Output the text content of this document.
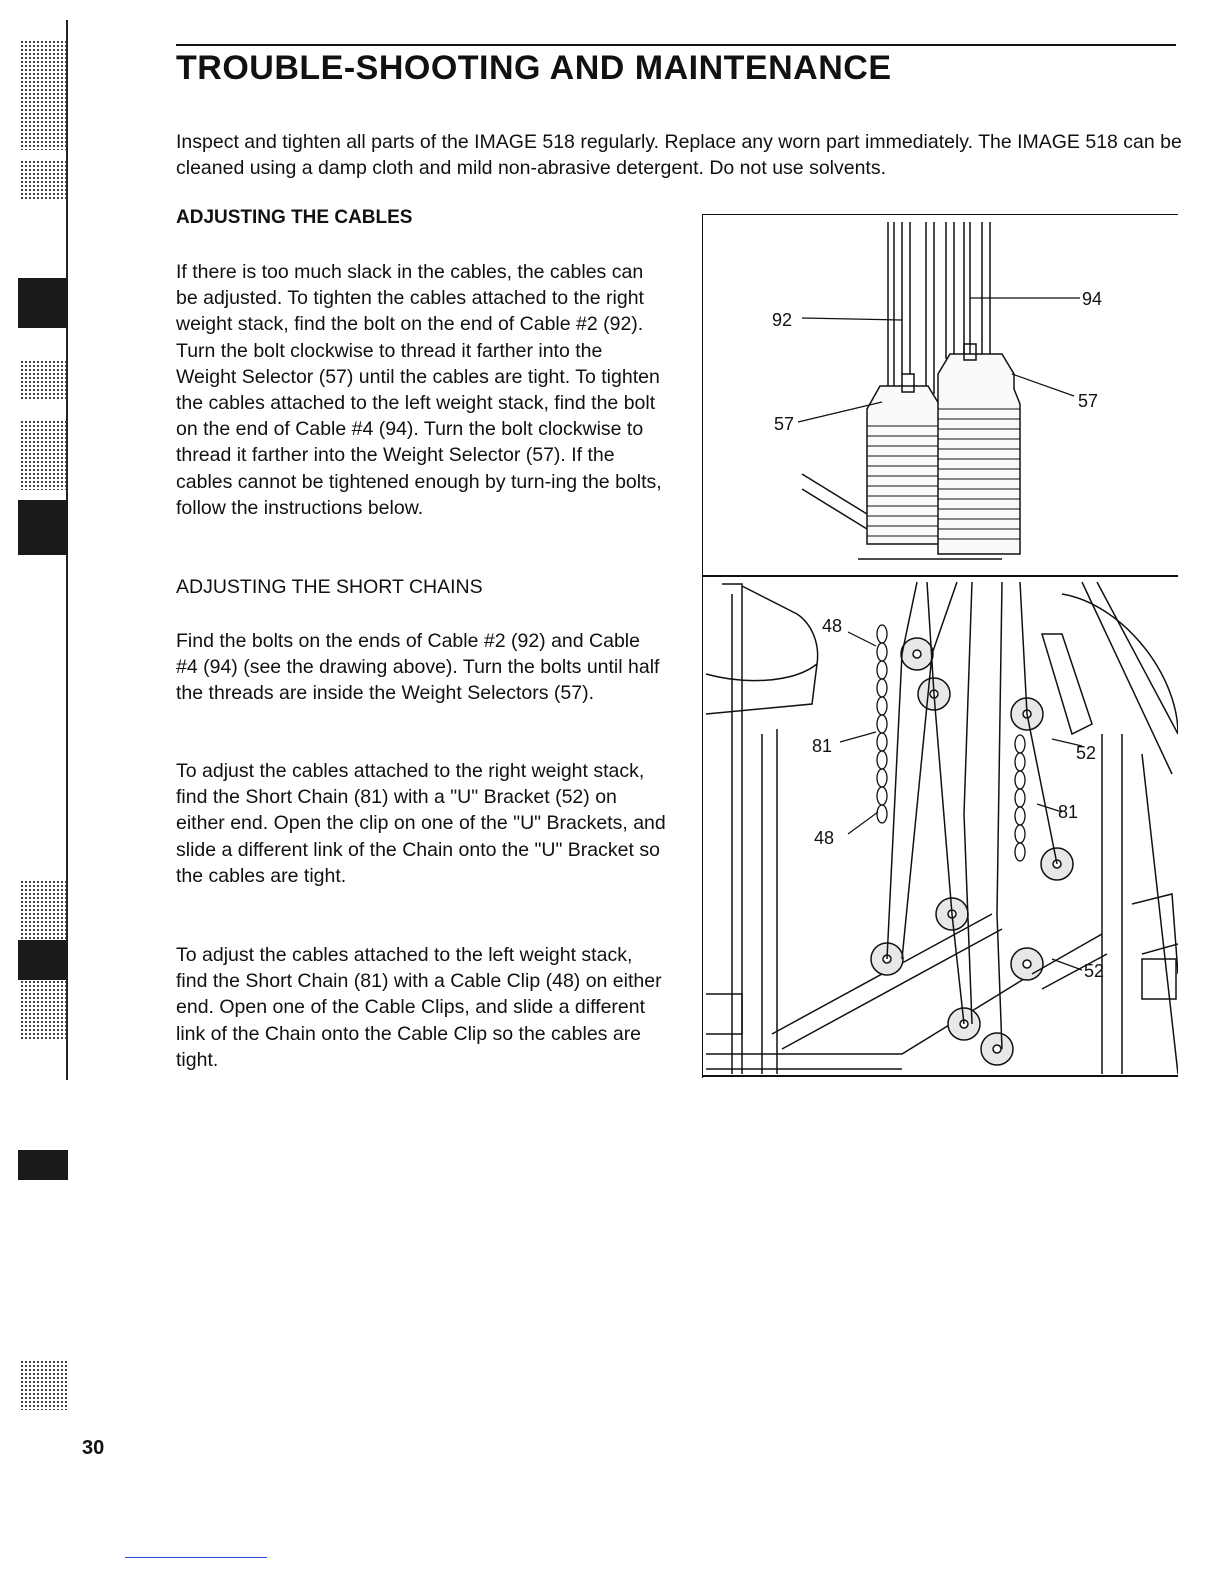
TROUBLE-SHOOTING AND MAINTENANCE

Inspect and tighten all parts of the IMAGE 518 regularly. Replace any worn part immediately. The IMAGE 518 can be cleaned using a damp cloth and mild non-abrasive detergent. Do not use solvents.

ADJUSTING THE CABLES

If there is too much slack in the cables, the cables can be adjusted. To tighten the cables attached to the right weight stack, find the bolt on the end of Cable #2 (92). Turn the bolt clockwise to thread it farther into the Weight Selector (57) until the cables are tight. To tighten the cables attached to the left weight stack, find the bolt on the end of Cable #4 (94). Turn the bolt clockwise to thread it farther into the Weight Selector (57). If the cables cannot be tightened enough by turn-ing the bolts, follow the instructions below.

ADJUSTING THE SHORT CHAINS

Find the bolts on the ends of Cable #2 (92) and Cable #4 (94) (see the drawing above). Turn the bolts until half the threads are inside the Weight Selectors (57).

To adjust the cables attached to the right weight stack, find the Short Chain (81) with a "U" Bracket (52) on either end. Open the clip on one of the "U" Brackets, and slide a different link of the Chain onto the "U" Bracket so the cables are tight.

To adjust the cables attached to the left weight stack, find the Short Chain (81) with a Cable Clip (48) on either end. Open one of the Cable Clips, and slide a different link of the Chain onto the Cable Clip so the cables are tight.

92
94
57
57
48
81
48
52
81
52

30
